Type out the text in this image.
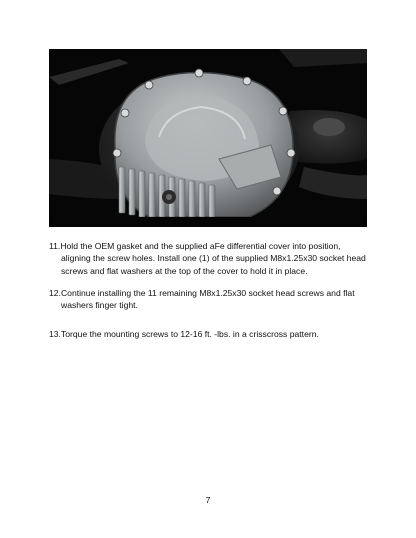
11.Hold the OEM gasket and the supplied aFe differential cover into position,
aligning the screw holes. Install one (1) of the supplied M8x1.25x30 socket head screws and flat washers at the top of the cover to hold it in place.

12.Continue installing the 11 remaining M8x1.25x30 socket head screws and flat
washers finger tight.

13.Torque the mounting screws to 12-16 ft. -lbs. in a crisscross pattern.

7
